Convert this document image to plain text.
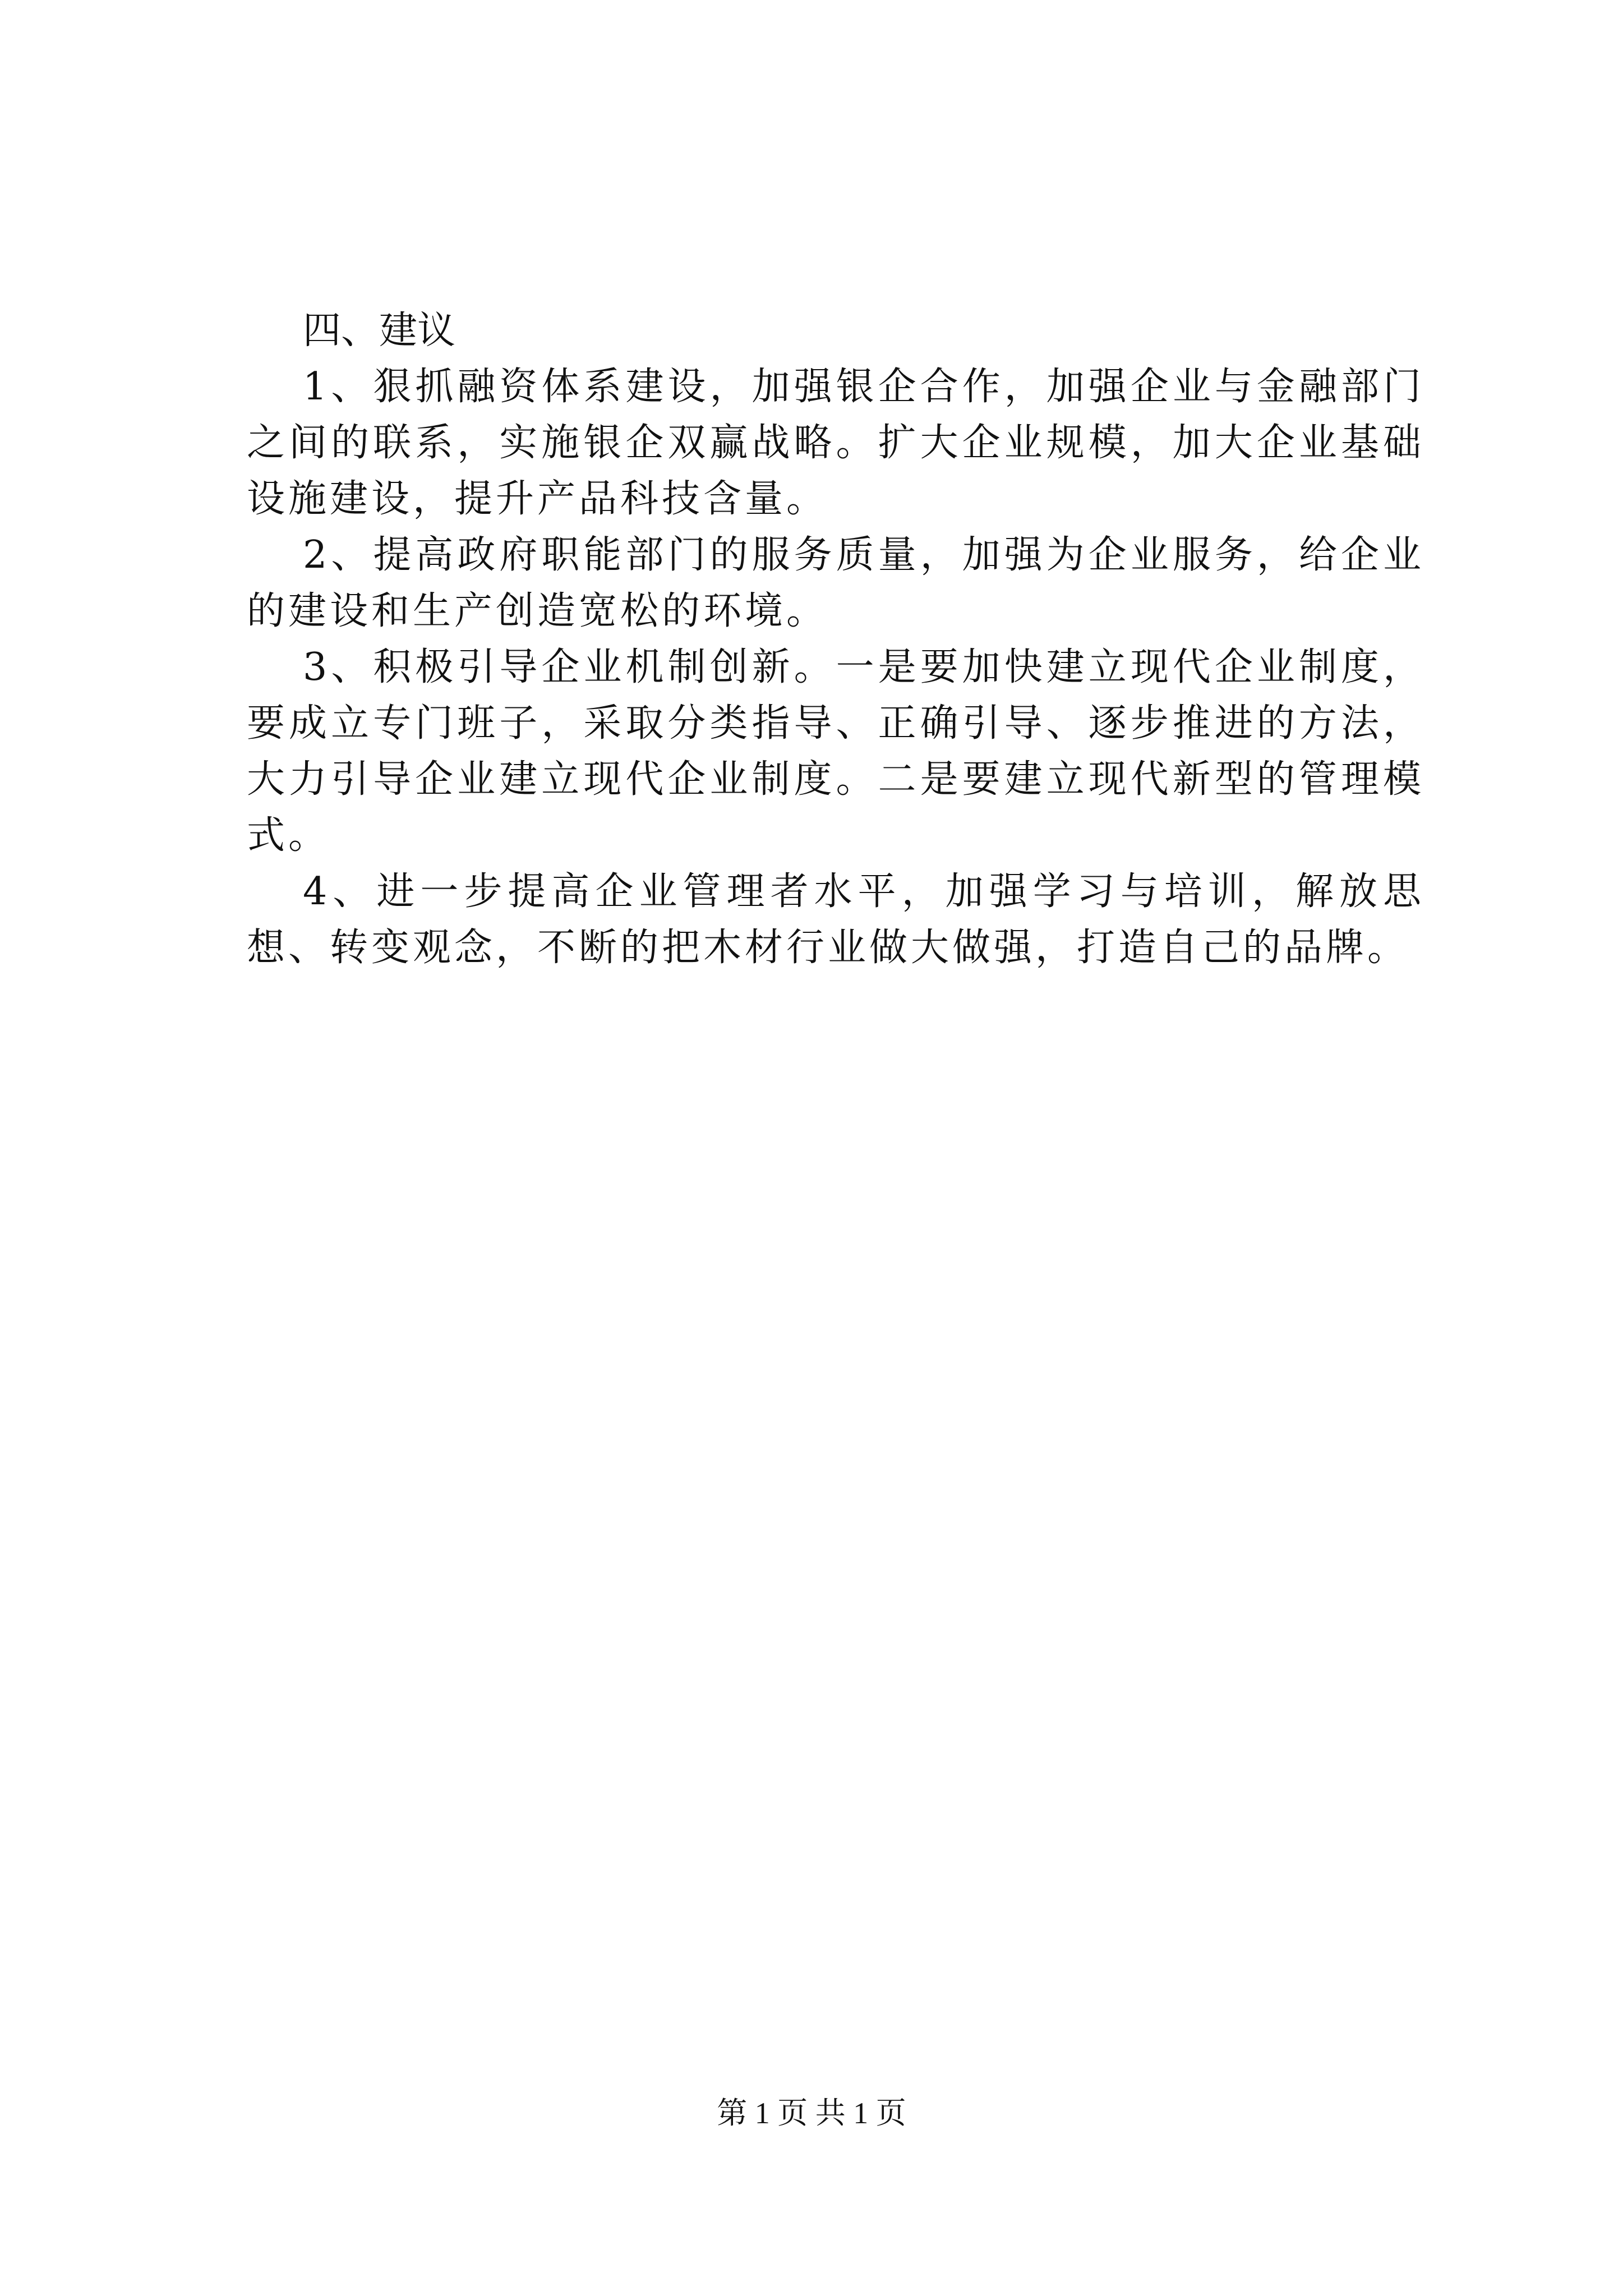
四、建议

1、狠抓融资体系建设，加强银企合作，加强企业与金融部门之间的联系，实施银企双赢战略。扩大企业规模，加大企业基础设施建设，提升产品科技含量。

2、提高政府职能部门的服务质量，加强为企业服务，给企业的建设和生产创造宽松的环境。

3、积极引导企业机制创新。一是要加快建立现代企业制度，要成立专门班子，采取分类指导、正确引导、逐步推进的方法，大力引导企业建立现代企业制度。二是要建立现代新型的管理模式。

4、进一步提高企业管理者水平，加强学习与培训，解放思想、转变观念，不断的把木材行业做大做强，打造自己的品牌。

第 1 页 共 1 页
